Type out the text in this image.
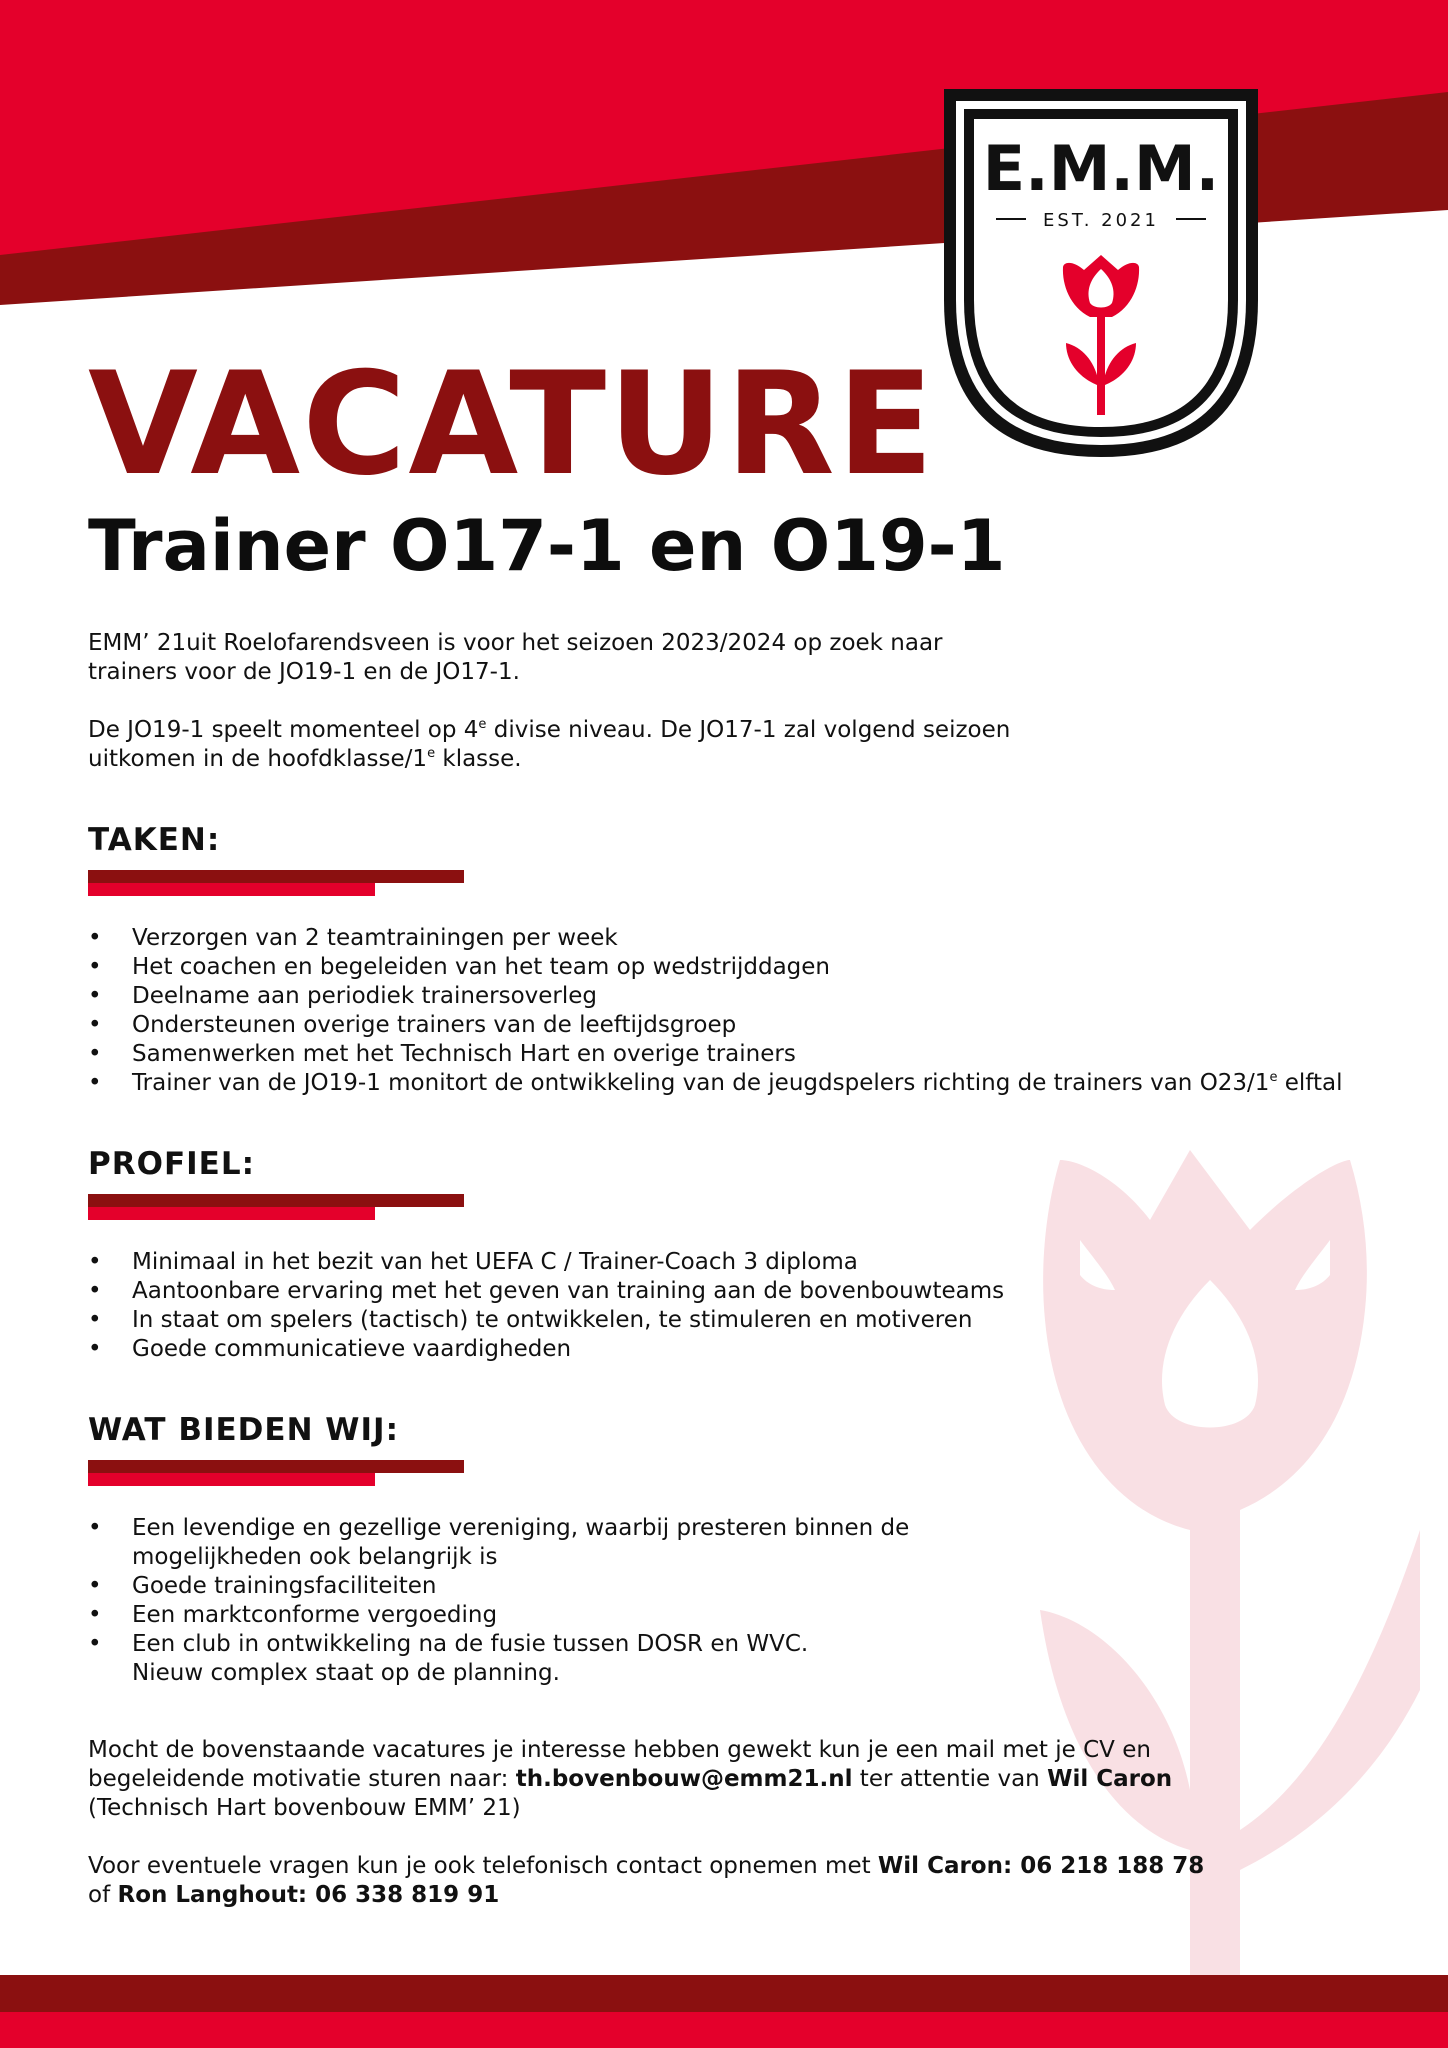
E.M.M.
EST. 2021
VACATURE
Trainer O17-1 en O19-1

EMM’ 21uit Roelofarendsveen is voor het seizoen 2023/2024 op zoek naar trainers voor de JO19-1 en de JO17-1.

De JO19-1 speelt momenteel op 4e divise niveau. De JO17-1 zal volgend seizoen uitkomen in de hoofdklasse/1e klasse.

TAKEN:
• Verzorgen van 2 teamtrainingen per week
• Het coachen en begeleiden van het team op wedstrijddagen
• Deelname aan periodiek trainersoverleg
• Ondersteunen overige trainers van de leeftijdsgroep
• Samenwerken met het Technisch Hart en overige trainers
• Trainer van de JO19-1 monitort de ontwikkeling van de jeugdspelers richting de trainers van O23/1e elftal
PROFIEL:
• Minimaal in het bezit van het UEFA C / Trainer-Coach 3 diploma
• Aantoonbare ervaring met het geven van training aan de bovenbouwteams
• In staat om spelers (tactisch) te ontwikkelen, te stimuleren en motiveren
• Goede communicatieve vaardigheden
WAT BIEDEN WIJ:
• Een levendige en gezellige vereniging, waarbij presteren binnen de mogelijkheden ook belangrijk is
• Goede trainingsfaciliteiten
• Een marktconforme vergoeding
• Een club in ontwikkeling na de fusie tussen DOSR en WVC. Nieuw complex staat op de planning.

Mocht de bovenstaande vacatures je interesse hebben gewekt kun je een mail met je CV en begeleidende motivatie sturen naar: th.bovenbouw@emm21.nl ter attentie van Wil Caron (Technisch Hart bovenbouw EMM’ 21)

Voor eventuele vragen kun je ook telefonisch contact opnemen met Wil Caron: 06 218 188 78 of Ron Langhout: 06 338 819 91
